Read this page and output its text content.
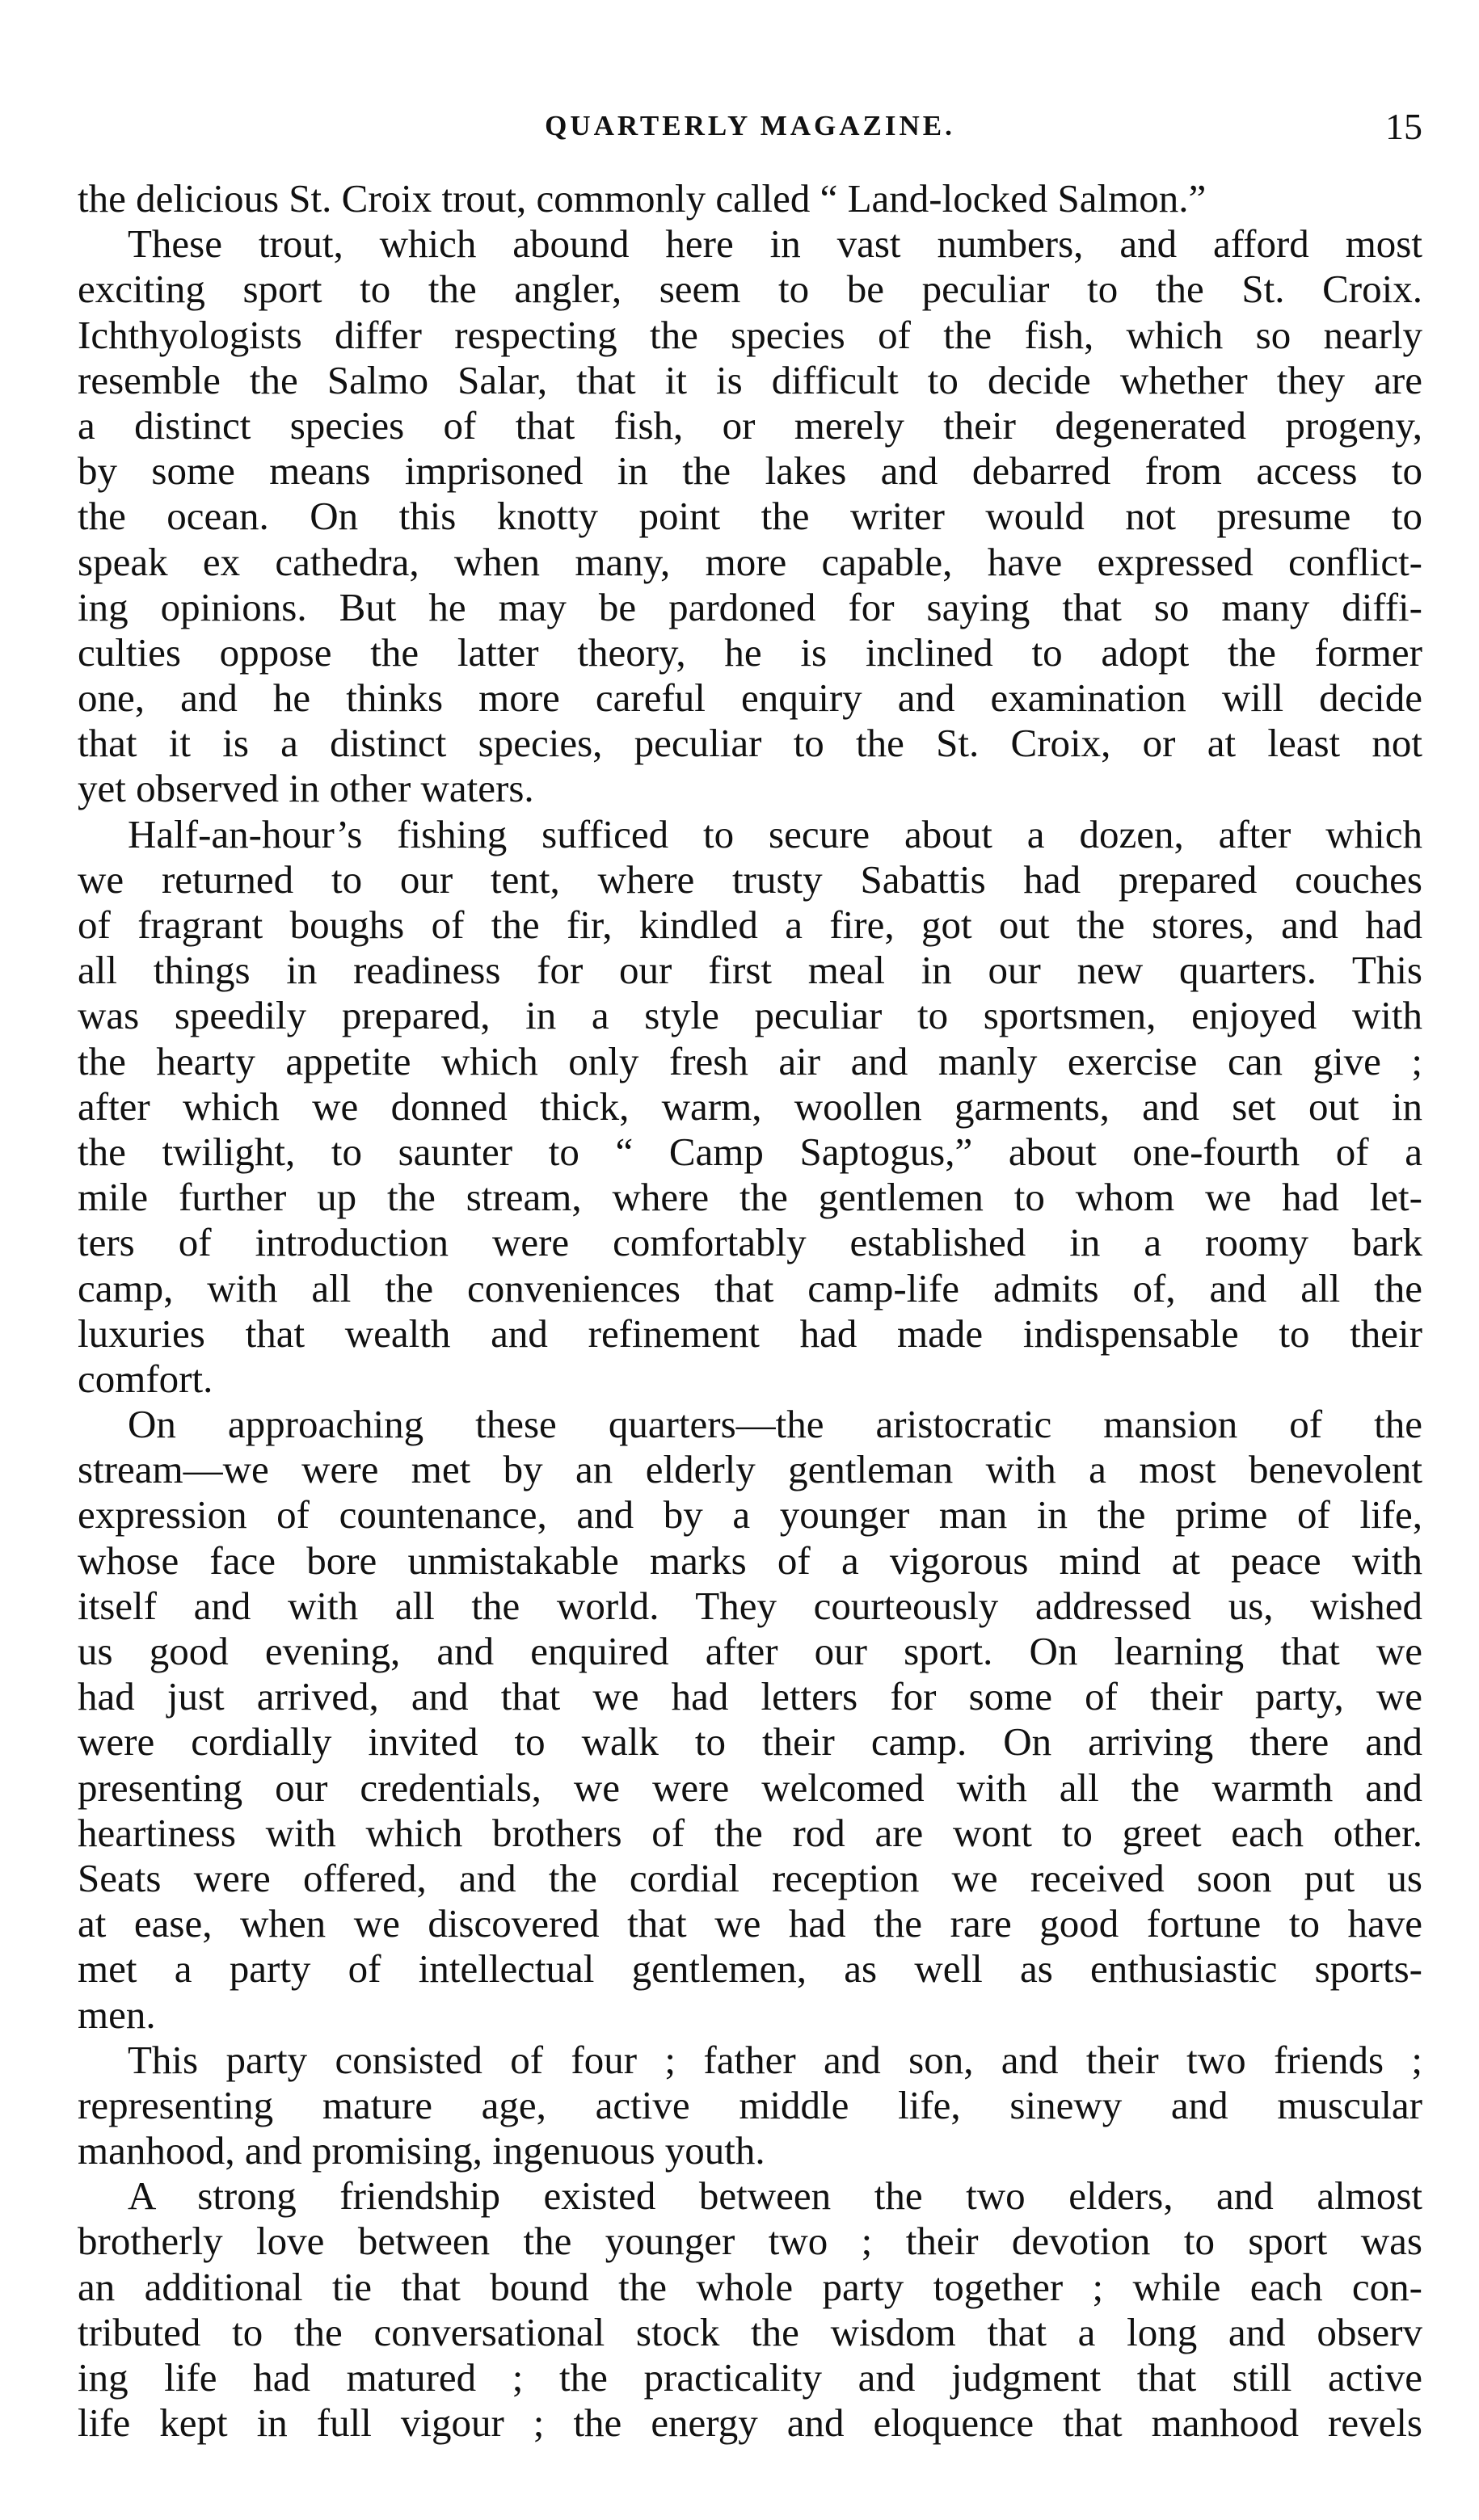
QUARTERLY MAGAZINE.	15
the delicious St. Croix trout, commonly called “ Land-locked Salmon.”
These trout, which abound here in vast numbers, and afford most
exciting sport to the angler, seem to be peculiar to the St. Croix.
Ichthyologists differ respecting the species of the fish, which so nearly
resemble the Salmo Salar, that it is difficult to decide whether they are
a distinct species of that fish, or merely their degenerated progeny,
by some means imprisoned in the lakes and debarred from access to
the ocean. On this knotty point the writer would not presume to
speak ex cathedra, when many, more capable, have expressed conflict-
ing opinions. But he may be pardoned for saying that so many diffi-
culties oppose the latter theory, he is inclined to adopt the former
one, and he thinks more careful enquiry and examination will decide
that it is a distinct species, peculiar to the St. Croix, or at least not
yet observed in other waters.
Half-an-hour’s fishing sufficed to secure about a dozen, after which
we returned to our tent, where trusty Sabattis had prepared couches
of fragrant boughs of the fir, kindled a fire, got out the stores, and had
all things in readiness for our first meal in our new quarters. This
was speedily prepared, in a style peculiar to sportsmen, enjoyed with
the hearty appetite which only fresh air and manly exercise can give ;
after which we donned thick, warm, woollen garments, and set out in
the twilight, to saunter to “ Camp Saptogus,” about one-fourth of a
mile further up the stream, where the gentlemen to whom we had let-
ters of introduction were comfortably established in a roomy bark
camp, with all the conveniences that camp-life admits of, and all the
luxuries that wealth and refinement had made indispensable to their
comfort.
On approaching these quarters—the aristocratic mansion of the
stream—we were met by an elderly gentleman with a most benevolent
expression of countenance, and by a younger man in the prime of life,
whose face bore unmistakable marks of a vigorous mind at peace with
itself and with all the world. They courteously addressed us, wished
us good evening, and enquired after our sport. On learning that we
had just arrived, and that we had letters for some of their party, we
were cordially invited to walk to their camp. On arriving there and
presenting our credentials, we were welcomed with all the warmth and
heartiness with which brothers of the rod are wont to greet each other.
Seats were offered, and the cordial reception we received soon put us
at ease, when we discovered that we had the rare good fortune to have
met a party of intellectual gentlemen, as well as enthusiastic sports-
men.
This party consisted of four ; father and son, and their two friends ;
representing mature age, active middle life, sinewy and muscular
manhood, and promising, ingenuous youth.
A strong friendship existed between the two elders, and almost
brotherly love between the younger two ; their devotion to sport was
an additional tie that bound the whole party together ; while each con-
tributed to the conversational stock the wisdom that a long and observ
ing life had matured ; the practicality and judgment that still active
life kept in full vigour ; the energy and eloquence that manhood revels
